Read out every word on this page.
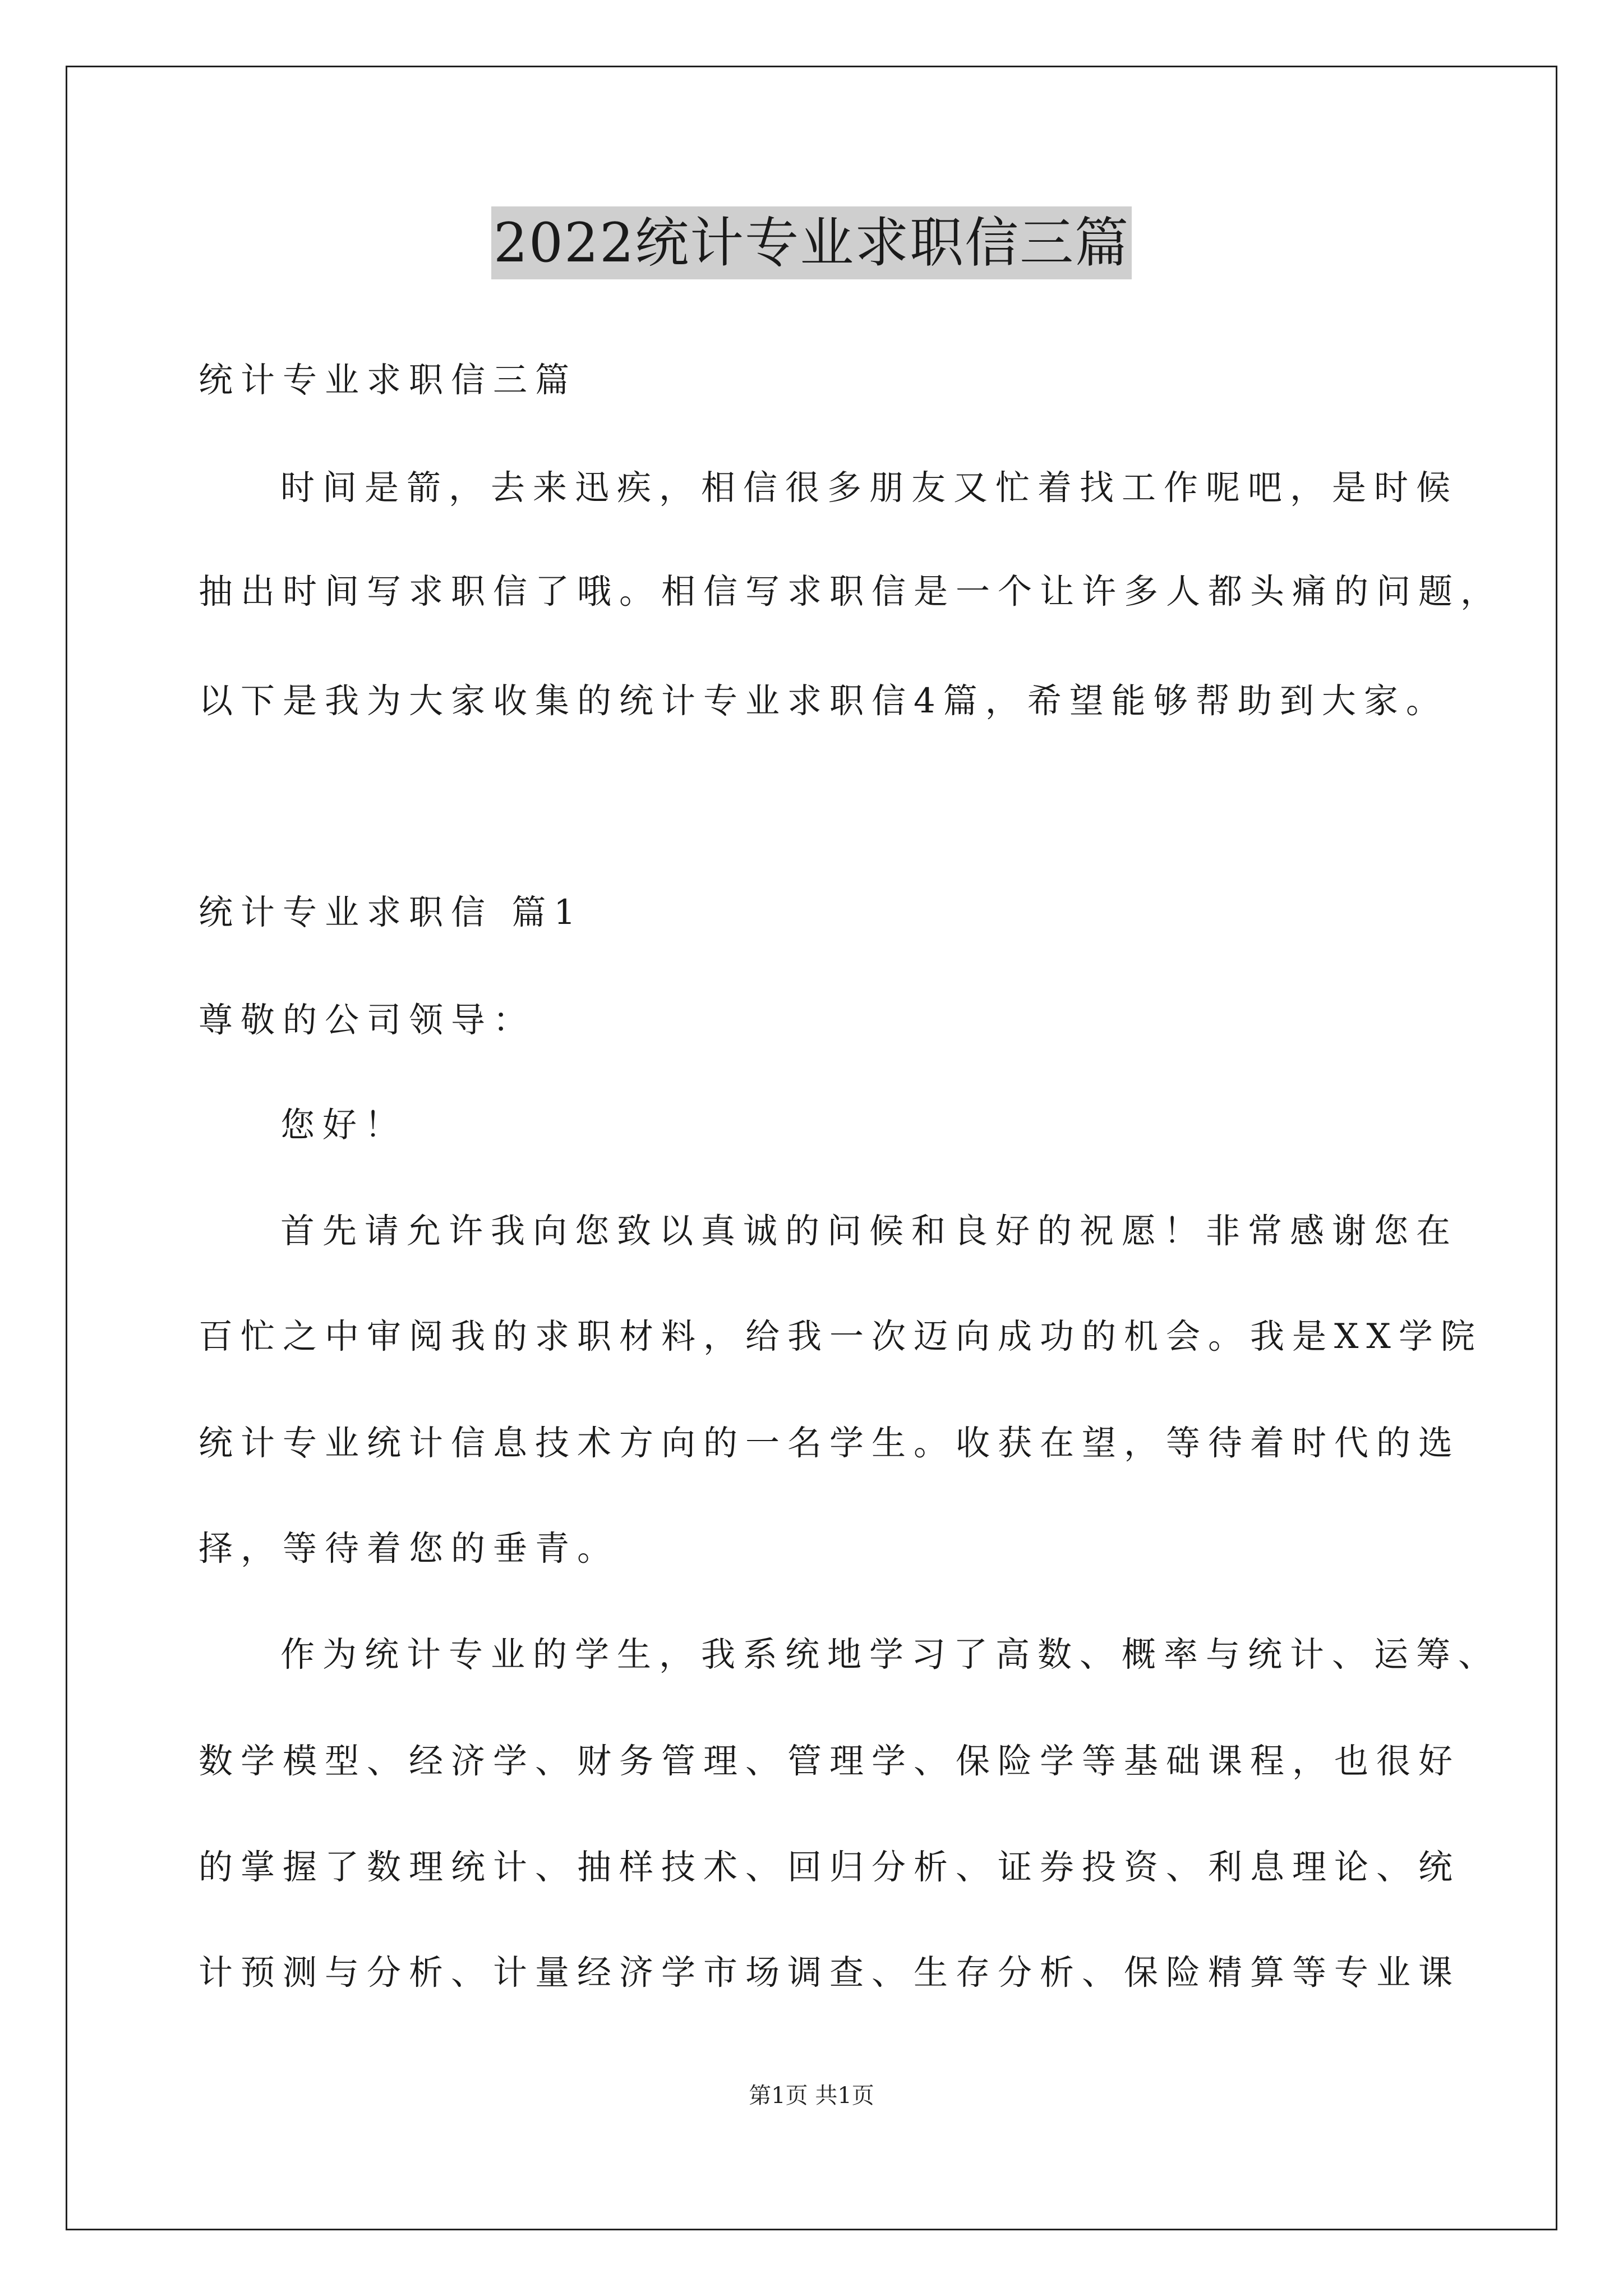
2022统计专业求职信三篇
统计专业求职信三篇
时间是箭，去来迅疾，相信很多朋友又忙着找工作呢吧，是时候
抽出时间写求职信了哦。相信写求职信是一个让许多人都头痛的问题，
以下是我为大家收集的统计专业求职信4篇，希望能够帮助到大家。
统计专业求职信 篇1
尊敬的公司领导：
您好！
首先请允许我向您致以真诚的问候和良好的祝愿！非常感谢您在
百忙之中审阅我的求职材料，给我一次迈向成功的机会。我是XX学院
统计专业统计信息技术方向的一名学生。收获在望，等待着时代的选
择，等待着您的垂青。
作为统计专业的学生，我系统地学习了高数、概率与统计、运筹、
数学模型、经济学、财务管理、管理学、保险学等基础课程，也很好
的掌握了数理统计、抽样技术、回归分析、证券投资、利息理论、统
计预测与分析、计量经济学市场调查、生存分析、保险精算等专业课
第1页 共1页
